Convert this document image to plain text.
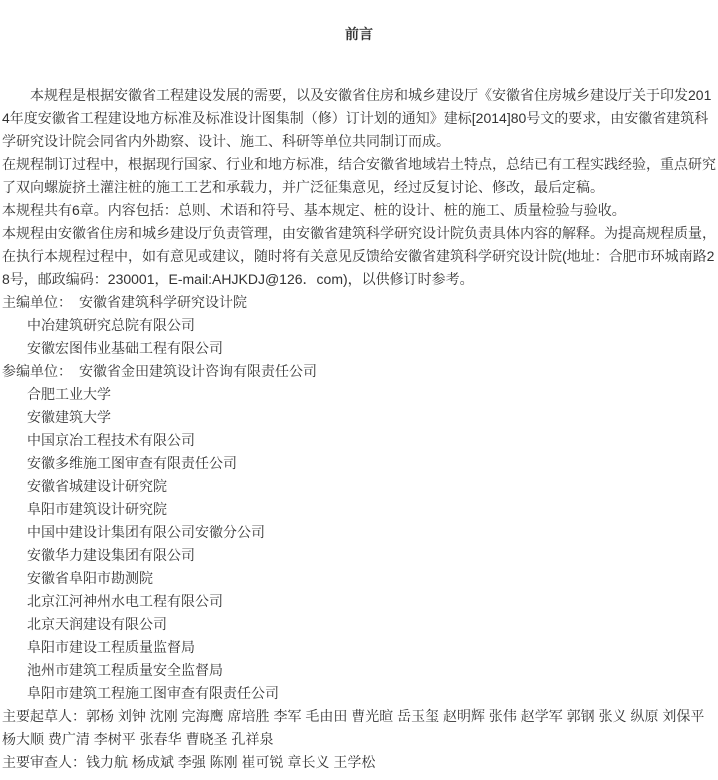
前言

本规程是根据安徽省工程建设发展的需要，以及安徽省住房和城乡建设厅《安徽省住房城乡建设厅关于印发2014年度安徽省工程建设地方标准及标准设计图集制（修）订计划的通知》建标[2014]80号文的要求，由安徽省建筑科学研究设计院会同省内外勘察、设计、施工、科研等单位共同制订而成。

在规程制订过程中，根据现行国家、行业和地方标准，结合安徽省地域岩土特点，总结已有工程实践经验，重点研究了双向螺旋挤土灌注桩的施工工艺和承载力，并广泛征集意见，经过反复讨论、修改，最后定稿。

本规程共有6章。内容包括：总则、术语和符号、基本规定、桩的设计、桩的施工、质量检验与验收。

本规程由安徽省住房和城乡建设厅负责管理，由安徽省建筑科学研究设计院负责具体内容的解释。为提高规程质量，在执行本规程过程中，如有意见或建议，随时将有关意见反馈给安徽省建筑科学研究设计院(地址：合肥市环城南路28号，邮政编码：230001，E-mail:AHJKDJ@126．com)，以供修订时参考。

主编单位： 安徽省建筑科学研究设计院

中冶建筑研究总院有限公司

安徽宏图伟业基础工程有限公司

参编单位： 安徽省金田建筑设计咨询有限责任公司

合肥工业大学

安徽建筑大学

中国京冶工程技术有限公司

安徽多维施工图审查有限责任公司

安徽省城建设计研究院

阜阳市建筑设计研究院

中国中建设计集团有限公司安徽分公司

安徽华力建设集团有限公司

安徽省阜阳市勘测院

北京江河神州水电工程有限公司

北京天润建设有限公司

阜阳市建设工程质量监督局

池州市建筑工程质量安全监督局

阜阳市建筑工程施工图审查有限责任公司

主要起草人：郭杨 刘钟 沈刚 完海鹰 席培胜 李军 毛由田 曹光暄 岳玉玺 赵明辉 张伟 赵学军 郭钢 张义 纵原 刘保平 杨大顺 费广清 李树平 张春华 曹晓圣 孔祥泉

主要审查人：钱力航 杨成斌 李强 陈刚 崔可锐 章长义 王学松
